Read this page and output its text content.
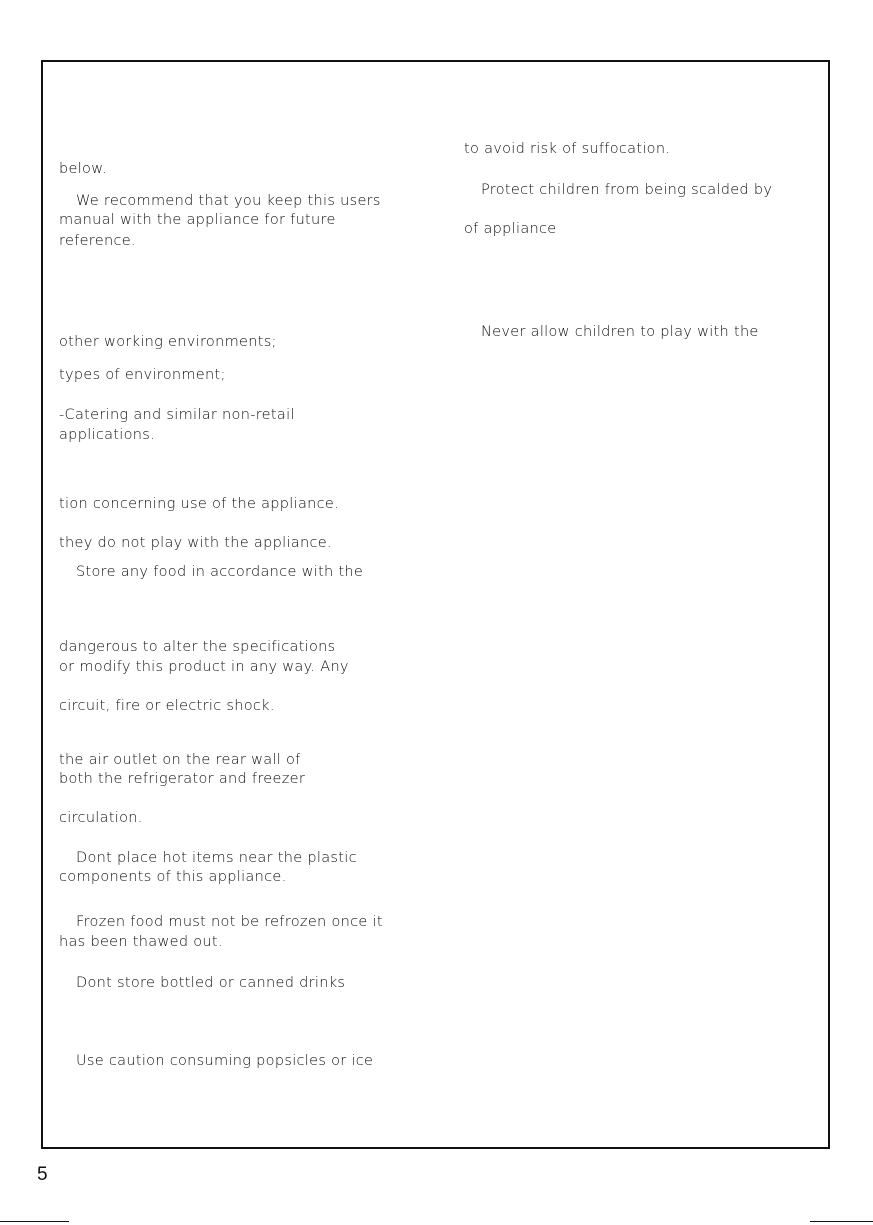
below.
We recommend that you keep this users
manual with the appliance for future
reference.
other working environments;
types of environment;
-Catering and similar non-retail
applications.
tion concerning use of the appliance.
they do not play with the appliance.
Store any food in accordance with the
dangerous to alter the specifications
or modify this product in any way. Any
circuit, fire or electric shock.
the air outlet on the rear wall of
both the refrigerator and freezer
circulation.
Dont place hot items near the plastic
components of this appliance.
Frozen food must not be refrozen once it
has been thawed out.
Dont store bottled or canned drinks
Use caution consuming popsicles or ice
to avoid risk of suffocation.
Protect children from being scalded by
of appliance
Never allow children to play with the
5
